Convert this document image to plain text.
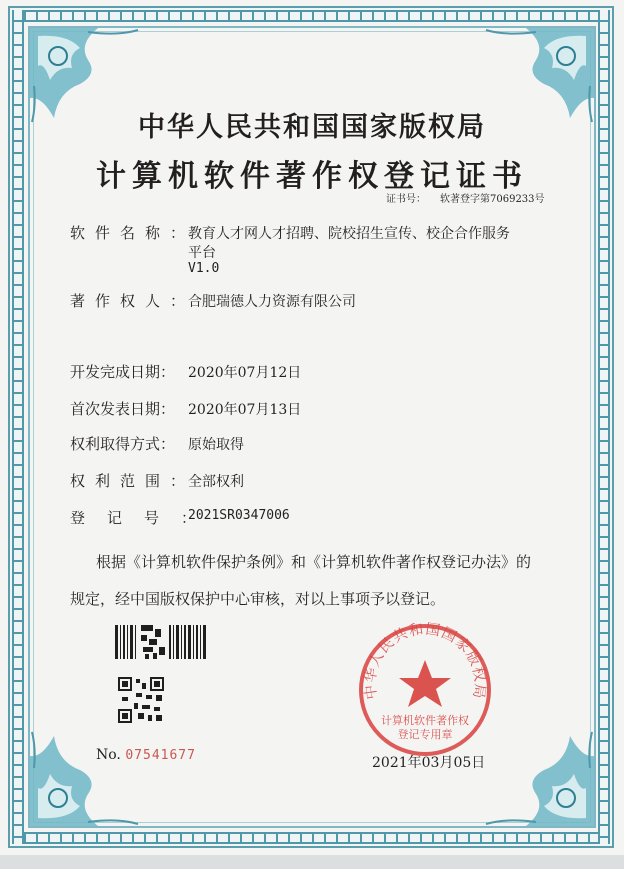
中华人民共和国国家版权局
计算机软件著作权登记证书
证书号： 软著登字第7069233号
软件名称：
教育人才网人才招聘、院校招生宣传、校企合作服务
平台
V1.0
著作权人：
合肥瑞德人力资源有限公司
开发完成日期： 2020年07月12日
首次发表日期： 2020年07月13日
权利取得方式： 原始取得
权利范围：
全部权利
登记号：
2021SR0347006
根据《计算机软件保护条例》和《计算机软件著作权登记办法》的
规定，经中国版权保护中心审核，对以上事项予以登记。
No. 07541677
中华人民共和国国家版权局
计算机软件著作权
登记专用章
2021年03月05日
